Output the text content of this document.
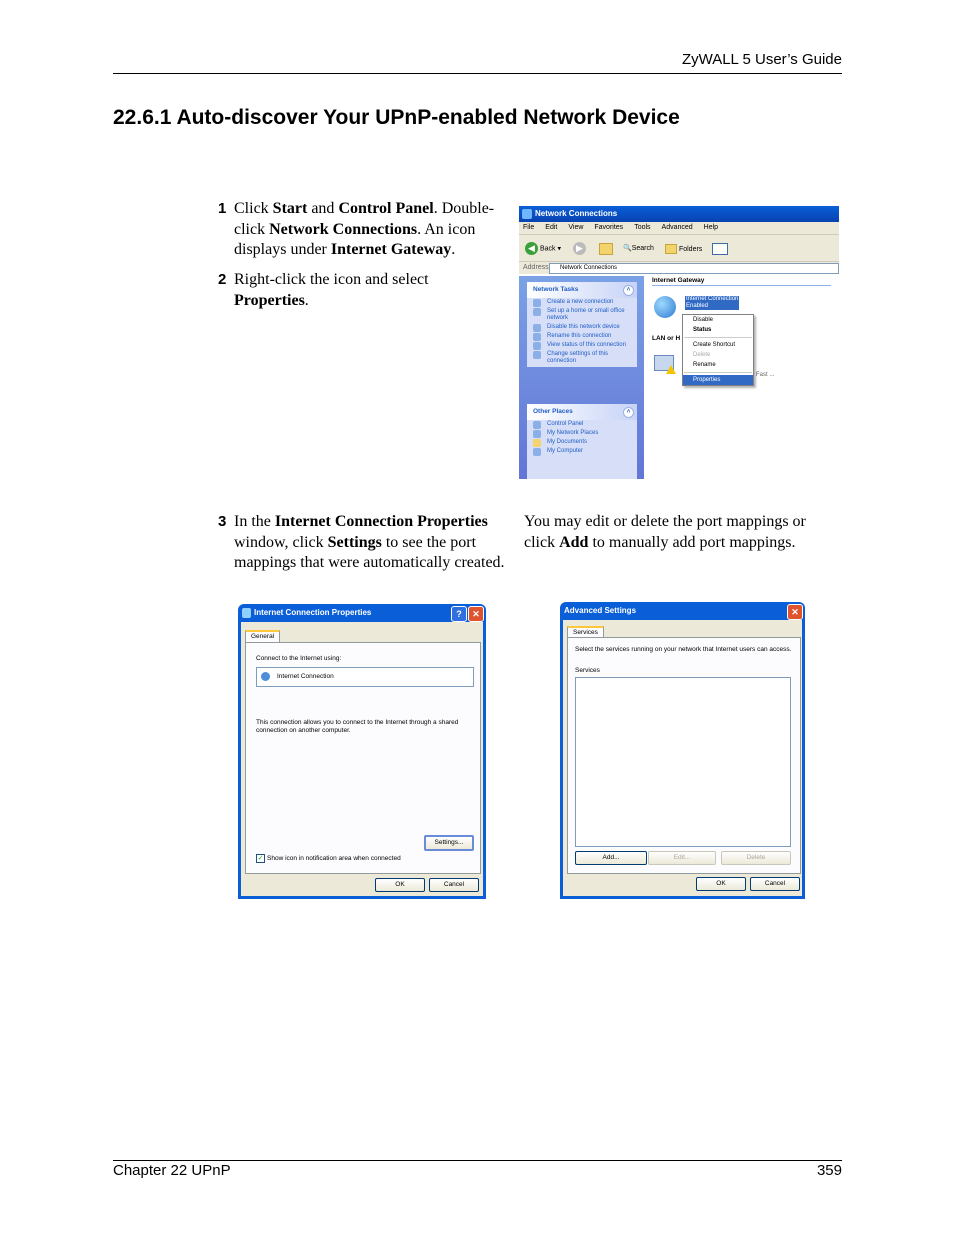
ZyWALL 5 User’s Guide
22.6.1 Auto-discover Your UPnP-enabled Network Device
1 Click Start and Control Panel. Double-click Network Connections. An icon displays under Internet Gateway.
2 Right-click the icon and select Properties.
Network Connections
File Edit View Favorites Tools Advanced Help
◀ Back ▾	▶	🔍Search	Folders
Address	Network Connections
Network Tasks	˄
Create a new connection
Set up a home or small office network
Disable this network device
Rename this connection
View status of this connection
Change settings of this connection
Other Places	˄
Control Panel
My Network Places
My Documents
My Computer
Internet Gateway
Internet Connection
Enabled
LAN or H
Fast ...
Disable
Status
Create Shortcut
Delete
Rename
Properties
3 In the Internet Connection Properties window, click Settings to see the port mappings that were automatically created.
You may edit or delete the port mappings or click Add to manually add port mappings.
Internet Connection Properties	?	✕
General
Connect to the Internet using:
Internet Connection
This connection allows you to connect to the Internet through a shared connection on another computer.
Settings...
✓ Show icon in notification area when connected
OK	Cancel
Advanced Settings	✕
Services
Select the services running on your network that Internet users can access.
Services
Add...	Edit...	Delete
OK	Cancel
Chapter 22 UPnP	359
